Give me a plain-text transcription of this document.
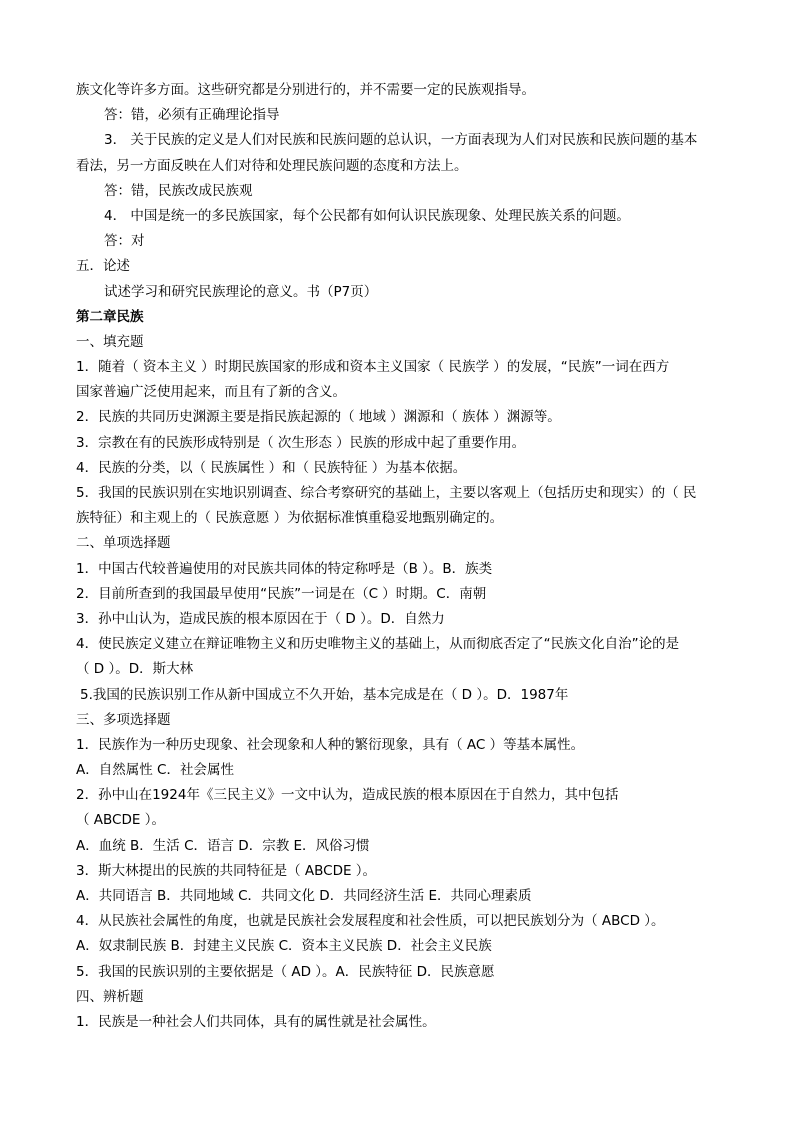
族文化等许多方面。这些研究都是分别进行的，并不需要一定的民族观指导。
答：错，必须有正确理论指导
3． 关于民族的定义是人们对民族和民族问题的总认识，一方面表现为人们对民族和民族问题的基本
看法，另一方面反映在人们对待和处理民族问题的态度和方法上。
答：错，民族改成民族观
4． 中国是统一的多民族国家，每个公民都有如何认识民族现象、处理民族关系的问题。
答：对
五．论述
试述学习和研究民族理论的意义。书（P7页）
第二章民族
一、填充题
1．随着（ 资本主义 ）时期民族国家的形成和资本主义国家（ 民族学 ）的发展，“民族”一词在西方
国家普遍广泛使用起来，而且有了新的含义。
2．民族的共同历史渊源主要是指民族起源的（ 地域 ）渊源和（ 族体 ）渊源等。
3．宗教在有的民族形成特别是（ 次生形态 ）民族的形成中起了重要作用。
4．民族的分类，以（ 民族属性 ）和（ 民族特征 ）为基本依据。
5．我国的民族识别在实地识别调查、综合考察研究的基础上，主要以客观上（包括历史和现实）的（ 民
族特征）和主观上的（ 民族意愿 ）为依据标准慎重稳妥地甄别确定的。
二、单项选择题
1．中国古代较普遍使用的对民族共同体的特定称呼是（B ）。B．族类
2．目前所查到的我国最早使用“民族”一词是在（C ）时期。C．南朝
3．孙中山认为，造成民族的根本原因在于（ D ）。D．自然力
4．使民族定义建立在辩证唯物主义和历史唯物主义的基础上，从而彻底否定了“民族文化自治”论的是
（ D ）。D．斯大林
5.我国的民族识别工作从新中国成立不久开始，基本完成是在（ D ）。D．1987年
三、多项选择题
1．民族作为一种历史现象、社会现象和人种的繁衍现象，具有（ AC ）等基本属性。
A．自然属性 C．社会属性
2．孙中山在1924年《三民主义》一文中认为，造成民族的根本原因在于自然力，其中包括
（ ABCDE ）。
A．血统 B．生活 C．语言 D．宗教 E．风俗习惯
3．斯大林提出的民族的共同特征是（ ABCDE ）。
A．共同语言 B．共同地域 C．共同文化 D．共同经济生活 E．共同心理素质
4．从民族社会属性的角度，也就是民族社会发展程度和社会性质，可以把民族划分为（ ABCD ）。
A．奴隶制民族 B．封建主义民族 C．资本主义民族 D．社会主义民族
5．我国的民族识别的主要依据是（ AD ）。A．民族特征 D．民族意愿
四、辨析题
1．民族是一种社会人们共同体，具有的属性就是社会属性。
